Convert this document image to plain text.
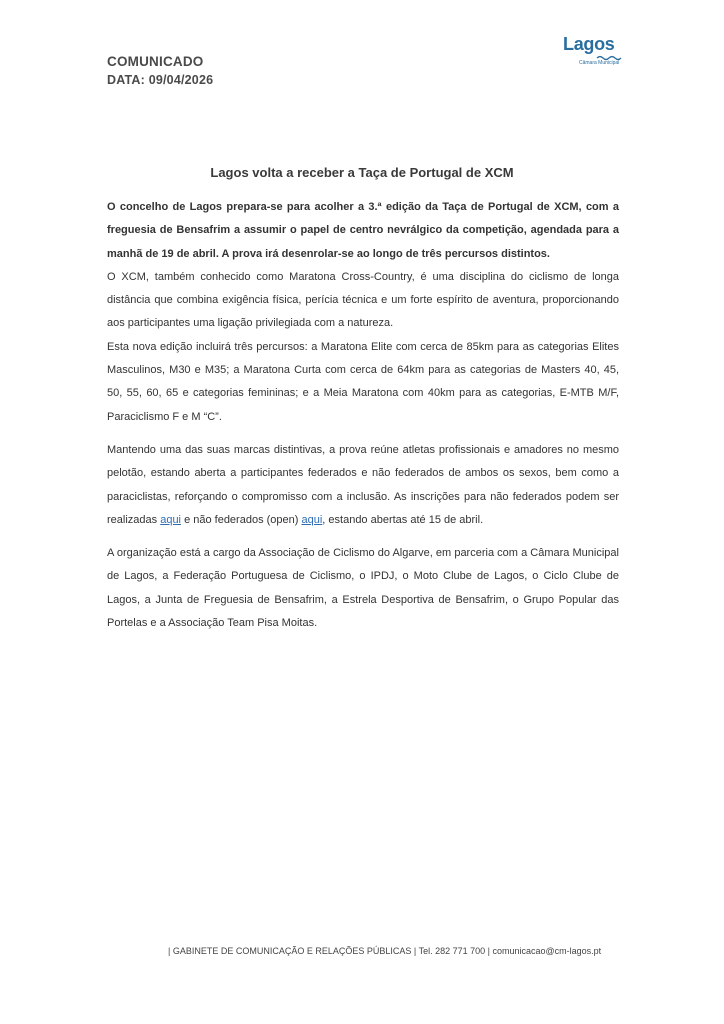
COMUNICADO
DATA: 09/04/2026
Lagos
Câmara Municipal
Lagos volta a receber a Taça de Portugal de XCM

O concelho de Lagos prepara-se para acolher a 3.ª edição da Taça de Portugal de XCM, com a freguesia de Bensafrim a assumir o papel de centro nevrálgico da competição, agendada para a manhã de 19 de abril. A prova irá desenrolar-se ao longo de três percursos distintos.

O XCM, também conhecido como Maratona Cross-Country, é uma disciplina do ciclismo de longa distância que combina exigência física, perícia técnica e um forte espírito de aventura, proporcionando aos participantes uma ligação privilegiada com a natureza.

Esta nova edição incluirá três percursos: a Maratona Elite com cerca de 85km para as categorias Elites Masculinos, M30 e M35; a Maratona Curta com cerca de 64km para as categorias de Masters 40, 45, 50, 55, 60, 65 e categorias femininas; e a Meia Maratona com 40km para as categorias, E-MTB M/F, Paraciclismo F e M “C”.

Mantendo uma das suas marcas distintivas, a prova reúne atletas profissionais e amadores no mesmo pelotão, estando aberta a participantes federados e não federados de ambos os sexos, bem como a paraciclistas, reforçando o compromisso com a inclusão. As inscrições para não federados podem ser realizadas aqui e não federados (open) aqui, estando abertas até 15 de abril.

A organização está a cargo da Associação de Ciclismo do Algarve, em parceria com a Câmara Municipal de Lagos, a Federação Portuguesa de Ciclismo, o IPDJ, o Moto Clube de Lagos, o Ciclo Clube de Lagos, a Junta de Freguesia de Bensafrim, a Estrela Desportiva de Bensafrim, o Grupo Popular das Portelas e a Associação Team Pisa Moitas.

| GABINETE DE COMUNICAÇÃO E RELAÇÕES PÚBLICAS | Tel. 282 771 700 | comunicacao@cm-lagos.pt
